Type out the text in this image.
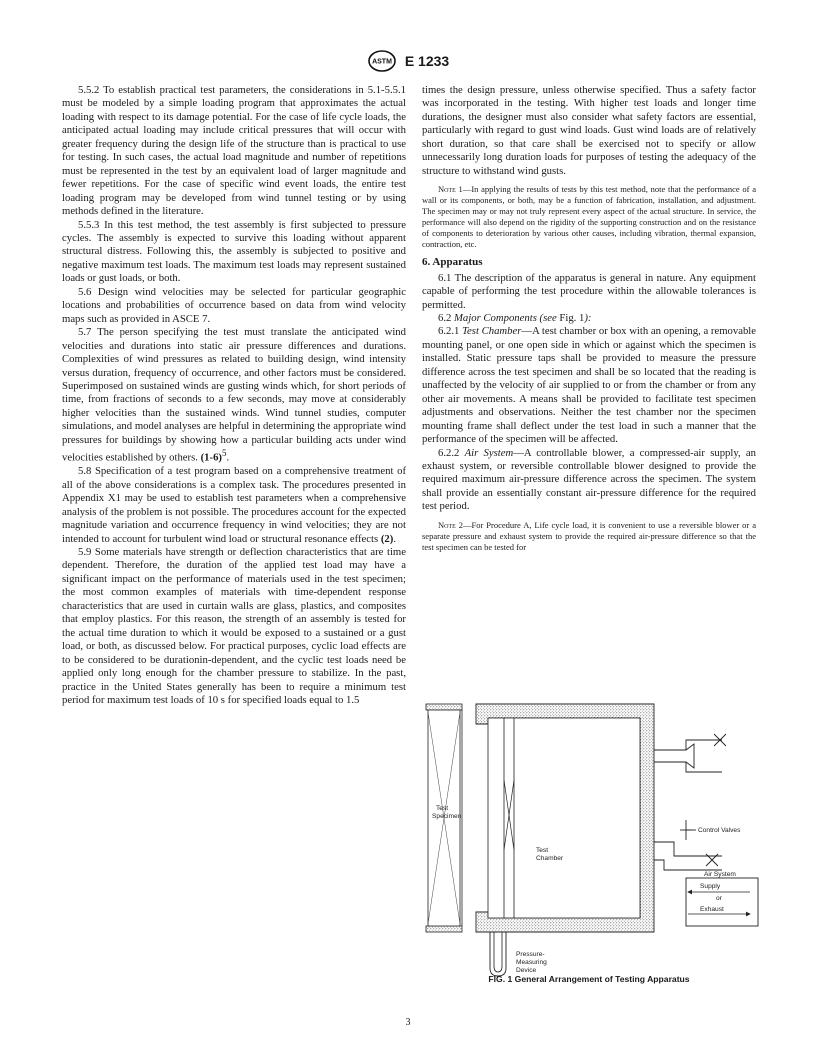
ASTM E 1233

5.5.2 To establish practical test parameters, the considerations in 5.1-5.5.1 must be modeled by a simple loading program that approximates the actual loading with respect to its damage potential. For the case of life cycle loads, the anticipated actual loading may include critical pressures that will occur with greater frequency during the design life of the structure than is practical to use for testing. In such cases, the actual load magnitude and number of repetitions must be represented in the test by an equivalent load of larger magnitude and fewer repetitions. For the case of specific wind event loads, the entire test loading program may be developed from wind tunnel testing or by using methods defined in the literature.

5.5.3 In this test method, the test assembly is first subjected to pressure cycles. The assembly is expected to survive this loading without apparent structural distress. Following this, the assembly is subjected to positive and negative maximum test loads. The maximum test loads may represent sustained loads or gust loads, or both.

5.6 Design wind velocities may be selected for particular geographic locations and probabilities of occurrence based on data from wind velocity maps such as provided in ASCE 7.

5.7 The person specifying the test must translate the anticipated wind velocities and durations into static air pressure differences and durations. Complexities of wind pressures as related to building design, wind intensity versus duration, frequency of occurrence, and other factors must be considered. Superimposed on sustained winds are gusting winds which, for short periods of time, from fractions of seconds to a few seconds, may move at considerably higher velocities than the sustained winds. Wind tunnel studies, computer simulations, and model analyses are helpful in determining the appropriate wind pressures for buildings by showing how a particular building acts under wind velocities established by others. $(1-6)^5$.

5.8 Specification of a test program based on a comprehensive treatment of all of the above considerations is a complex task. The procedures presented in Appendix X1 may be used to establish test parameters when a comprehensive analysis of the problem is not possible. The procedures account for the expected magnitude variation and occurrence frequency in wind velocities; they are not intended to account for turbulent wind load or structural resonance effects (2).

5.9 Some materials have strength or deflection characteristics that are time dependent. Therefore, the duration of the applied test load may have a significant impact on the performance of materials used in the test specimen; the most common examples of materials with time-dependent response characteristics that are used in curtain walls are glass, plastics, and composites that employ plastics. For this reason, the strength of an assembly is tested for the actual time duration to which it would be exposed to a sustained or a gust load, or both, as discussed below. For practical purposes, cyclic load effects are to be considered to be durationin-dependent, and the cyclic test loads need be applied only long enough for the chamber pressure to stabilize. In the past, practice in the United States generally has been to require a minimum test period for maximum test loads of 10 s for specified loads equal to 1.5

times the design pressure, unless otherwise specified. Thus a safety factor was incorporated in the testing. With higher test loads and longer time durations, the designer must also consider what safety factors are essential, particularly with regard to gust wind loads. Gust wind loads are of relatively short duration, so that care shall be exercised not to specify or allow unnecessarily long duration loads for purposes of testing the adequacy of the structure to withstand wind gusts.

Note 1—In applying the results of tests by this test method, note that the performance of a wall or its components, or both, may be a function of fabrication, installation, and adjustment. The specimen may or may not truly represent every aspect of the actual structure. In service, the performance will also depend on the rigidity of the supporting construction and on the resistance of components to deterioration by various other causes, including vibration, thermal expansion, contraction, etc.

6. Apparatus

6.1 The description of the apparatus is general in nature. Any equipment capable of performing the test procedure within the allowable tolerances is permitted.

6.2 Major Components (see Fig. 1):

6.2.1 Test Chamber—A test chamber or box with an opening, a removable mounting panel, or one open side in which or against which the specimen is installed. Static pressure taps shall be provided to measure the pressure difference across the test specimen and shall be so located that the reading is unaffected by the velocity of air supplied to or from the chamber or from any other air movements. A means shall be provided to facilitate test specimen adjustments and observations. Neither the test chamber nor the specimen mounting frame shall deflect under the test load in such a manner that the performance of the specimen will be affected.

6.2.2 Air System—A controllable blower, a compressed-air supply, an exhaust system, or reversible controllable blower designed to provide the required maximum air-pressure difference across the specimen. The system shall provide an essentially constant air-pressure difference for the required test period.

Note 2—For Procedure A, Life cycle load, it is convenient to use a reversible blower or a separate pressure and exhaust system to provide the required air-pressure difference so that the test specimen can be tested for

Test
Specimen
Test
Chamber
Control Valves
Air System
Supply
or
Exhaust
Pressure-
Measuring
Device
FIG. 1 General Arrangement of Testing Apparatus
3
